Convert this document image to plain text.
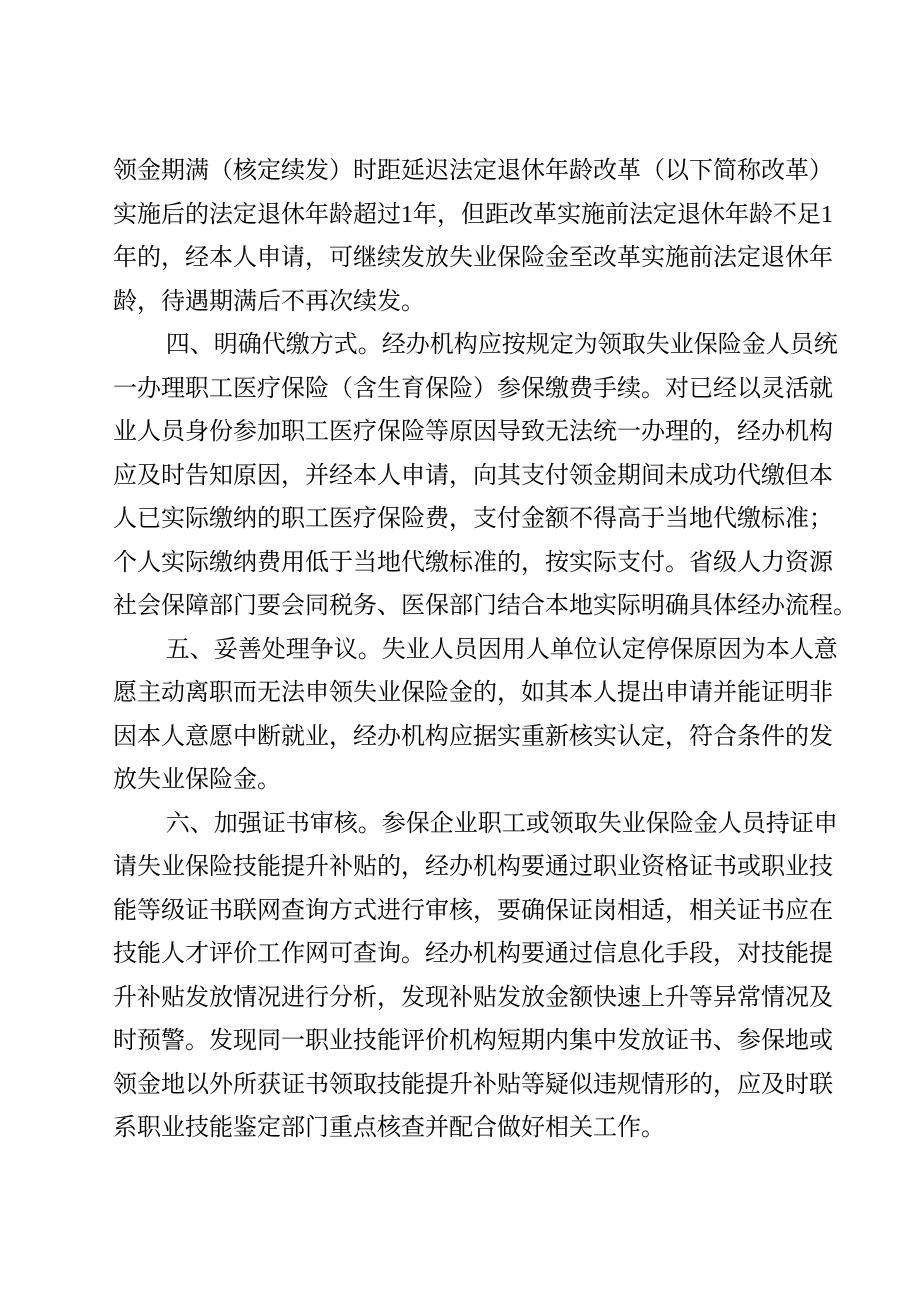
领金期满（核定续发）时距延迟法定退休年龄改革（以下简称改革）
实施后的法定退休年龄超过1年，但距改革实施前法定退休年龄不足1
年的，经本人申请，可继续发放失业保险金至改革实施前法定退休年
龄，待遇期满后不再次续发。

四、明确代缴方式。经办机构应按规定为领取失业保险金人员统
一办理职工医疗保险（含生育保险）参保缴费手续。对已经以灵活就
业人员身份参加职工医疗保险等原因导致无法统一办理的，经办机构
应及时告知原因，并经本人申请，向其支付领金期间未成功代缴但本
人已实际缴纳的职工医疗保险费，支付金额不得高于当地代缴标准；
个人实际缴纳费用低于当地代缴标准的，按实际支付。省级人力资源
社会保障部门要会同税务、医保部门结合本地实际明确具体经办流程。

五、妥善处理争议。失业人员因用人单位认定停保原因为本人意
愿主动离职而无法申领失业保险金的，如其本人提出申请并能证明非
因本人意愿中断就业，经办机构应据实重新核实认定，符合条件的发
放失业保险金。

六、加强证书审核。参保企业职工或领取失业保险金人员持证申
请失业保险技能提升补贴的，经办机构要通过职业资格证书或职业技
能等级证书联网查询方式进行审核，要确保证岗相适，相关证书应在
技能人才评价工作网可查询。经办机构要通过信息化手段，对技能提
升补贴发放情况进行分析，发现补贴发放金额快速上升等异常情况及
时预警。发现同一职业技能评价机构短期内集中发放证书、参保地或
领金地以外所获证书领取技能提升补贴等疑似违规情形的，应及时联
系职业技能鉴定部门重点核查并配合做好相关工作。
